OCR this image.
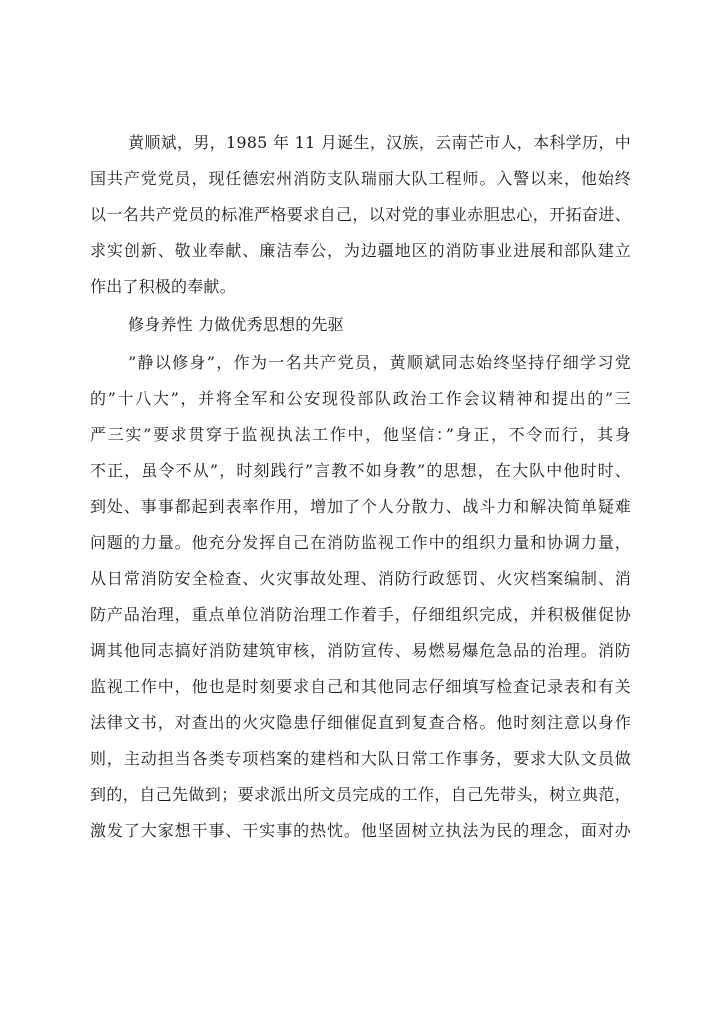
黄顺斌，男，1985 年 11 月诞生，汉族，云南芒市人，本科学历，中
国共产党党员，现任德宏州消防支队瑞丽大队工程师。入警以来，他始终
以一名共产党员的标准严格要求自己，以对党的事业赤胆忠心，开拓奋进、
求实创新、敬业奉献、廉洁奉公，为边疆地区的消防事业进展和部队建立
作出了积极的奉献。
修身养性 力做优秀思想的先驱
”静以修身”，作为一名共产党员，黄顺斌同志始终坚持仔细学习党
的”十八大”，并将全军和公安现役部队政治工作会议精神和提出的”三
严三实”要求贯穿于监视执法工作中，他坚信：”身正，不令而行，其身
不正，虽令不从”，时刻践行”言教不如身教”的思想，在大队中他时时、
到处、事事都起到表率作用，增加了个人分散力、战斗力和解决简单疑难
问题的力量。他充分发挥自己在消防监视工作中的组织力量和协调力量，
从日常消防安全检查、火灾事故处理、消防行政惩罚、火灾档案编制、消
防产品治理，重点单位消防治理工作着手，仔细组织完成，并积极催促协
调其他同志搞好消防建筑审核，消防宣传、易燃易爆危急品的治理。消防
监视工作中，他也是时刻要求自己和其他同志仔细填写检查记录表和有关
法律文书，对查出的火灾隐患仔细催促直到复查合格。他时刻注意以身作
则，主动担当各类专项档案的建档和大队日常工作事务，要求大队文员做
到的，自己先做到；要求派出所文员完成的工作，自己先带头，树立典范，
激发了大家想干事、干实事的热忱。他坚固树立执法为民的理念，面对办
